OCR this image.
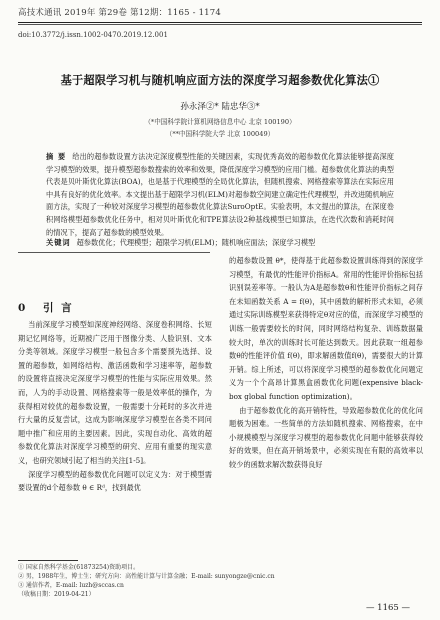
高技术通讯 2019年 第29卷 第12期：1165 - 1174
doi:10.3772/j.issn.1002-0470.2019.12.001
基于超限学习机与随机响应面方法的深度学习超参数优化算法①
孙永泽②* 陆忠华③*
（*中国科学院计算机网络信息中心 北京 100190）
（**中国科学院大学 北京 100049）
摘 要 给出的超参数设置方法决定深度模型性能的关键因素，实现优秀高效的超参数优化算法能够提高深度学习模型的效果，提升模型超参数搜索的效率和效果，降低深度学习模型的应用门槛。超参数优化算法的典型代表是贝叶斯优化算法(BOA)，也是基于代理模型的全局优化算法，但随机搜索、网格搜索等算法在实际应用中具有良好的优化效率。本文提出基于超限学习机(ELM)对超参数空间建立确定性代理模型，并改进随机响应面方法，实现了一种较对深度学习模型的超参数优化算法SuroOptE。实验表明，本文提出的算法，在深度卷积网络模型超参数优化任务中，相对贝叶斯优化和TPE算法设2种基线模型已知算法，在迭代次数和消耗时间的情况下，提高了超参数的模型效果。
关键词 超参数优化；代理模型；超限学习机(ELM)；随机响应面法；深度学习模型
0 引 言

当前深度学习模型如深度神经网络、深度卷积网络、长短期记忆网络等，近期被广泛用于图像分类、人脸识别、文本分类等领域。深度学习模型一般包含多个需要预先选择、设置的超参数，如网络结构、激活函数和学习速率等，超参数的设置将直接决定深度学习模型的性能与实际应用效果。然而，人为的手动设置、网格搜索等一般是效率低的操作，为获得相对较优的超参数设置，一般需要十分耗时的多次并进行大量的反复尝试，这成为影响深度学习模型在各类不同问题中推广和应用的主要因素。因此，实现自动化、高效的超参数优化算法对深度学习模型的研究、应用有重要的现实意义，也研究领域引起了相当的关注[1-5]。

深度学习模型的超参数优化问题可以定义为：对于模型需要设置的d个超参数 θ ∈ Rᵈ，找到最优

的超参数设置 θ*，使得基于此超参数设置训练得到的深度学习模型，有最优的性能评价指标A。常用的性能评价指标包括识别误差率等。一般认为A是超参数θ和性能评价指标之间存在未知函数关系 A = f(θ)，其中函数的解析形式未知，必须通过实际训练模型来获得特定θ对应的值，而深度学习模型的训练一般需要较长的时间，同时网络结构复杂、训练数据量较大时，单次的训练时长可能达到数天。因此获取一组超参数θ的性能评价值 f(θ)，即求解函数值f(θ)，需要很大的计算开销。综上所述，可以将深度学习模型的超参数优化问题定义为一个个高昂计算黑盒函数优化问题(expensive black-box global function optimization)。

由于超参数优化的高开销特性，导致超参数优化的优化问题极为困难。一些简单的方法如随机搜索、网格搜索，在中小规模模型与深度学习模型的超参数优化问题中能够获得较好的效果，但在高开销场景中，必须实现在有限的高效率以较少的函数求解次数获得良好

① 国家自然科学基金(61873254)资助项目。
② 男，1988年生，博士生；研究方向：高性能计算与计算金融；E-mail: sunyongze@cnic.cn
③ 通信作者，E-mail: luzh@sccas.cn
（收稿日期：2019-04-21）
— 1165 —
